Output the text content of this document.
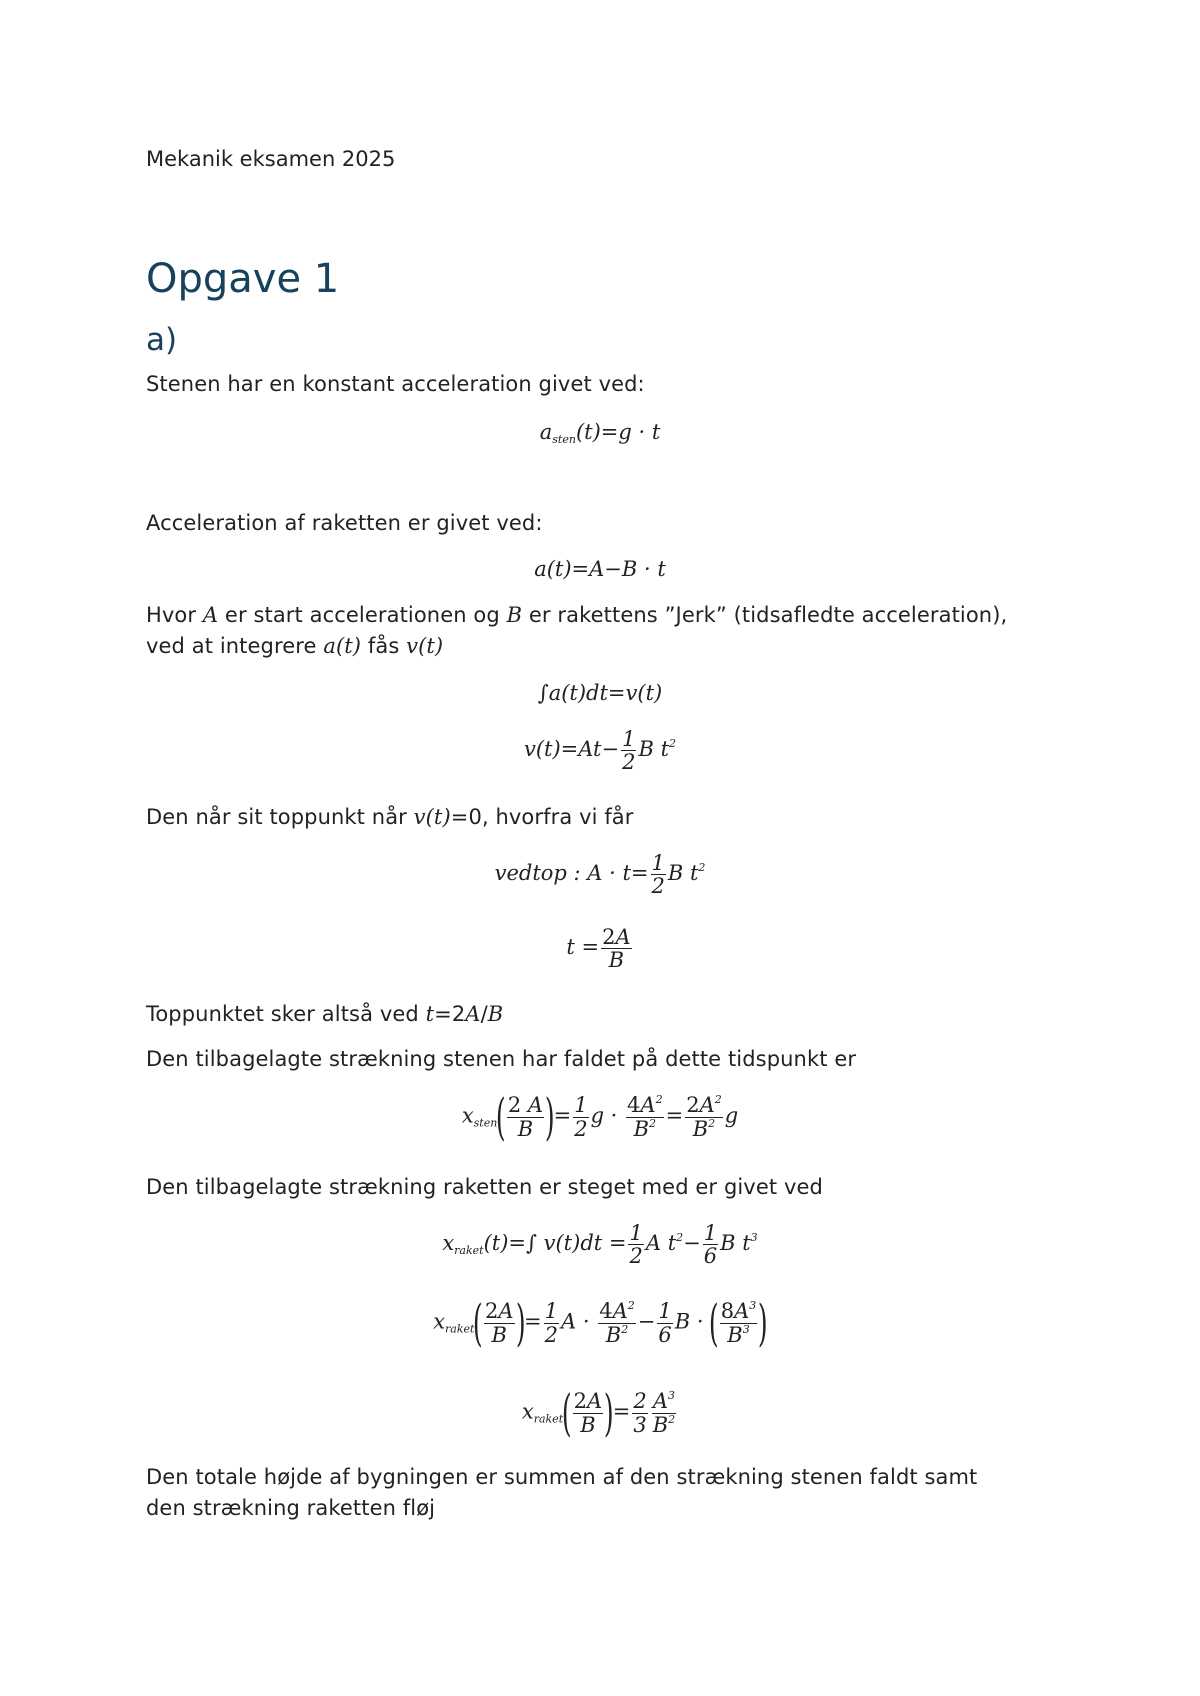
Mekanik eksamen 2025
Opgave 1
a)
Stenen har en konstant acceleration givet ved:
$a_{sten}(t)=g \cdot t$
Acceleration af raketten er givet ved:
a(t)=A−B · t
Hvor A er start accelerationen og B er rakettens ”Jerk” (tidsafledte acceleration),
ved at integrere a(t) fås v(t)
∫a(t)dt=v(t)
$v(t)=At- \frac{1}{2}$ B $t^2$
Den når sit toppunkt når v(t)=0, hvorfra vi får
vedtop : $A \cdot t= \frac{1}{2}$ B $t^2$
$t = \frac{2A}{B}$
Toppunktet sker altså ved t=2A/B
Den tilbagelagte strækning stenen har faldet på dette tidspunkt er
$x_{sten}( \frac{2 A}{B}$ )= $\frac{1}{2}$ $g \cdot \frac{4A^2}{B^2} = \frac{2A^2}{B^2}$ g
Den tilbagelagte strækning raketten er steget med er givet ved
$x_{raket}(t)=\int$ $v(t)dt = \frac{1}{2}$ A $t^2- \frac{1}{6}$ B $t^3$
$x_{raket}( \frac{2A}{B}$ )= $\frac{1}{2}$ $A \cdot \frac{4A^2}{B^2} - \frac{1}{6}$ B · ( $\frac{8A^3}{B^3}$ )
$x_{raket}( \frac{2A}{B}$ )= $\frac{2}{3} \frac{A^3}{B^2}$
Den totale højde af bygningen er summen af den strækning stenen faldt samt
den strækning raketten fløj
